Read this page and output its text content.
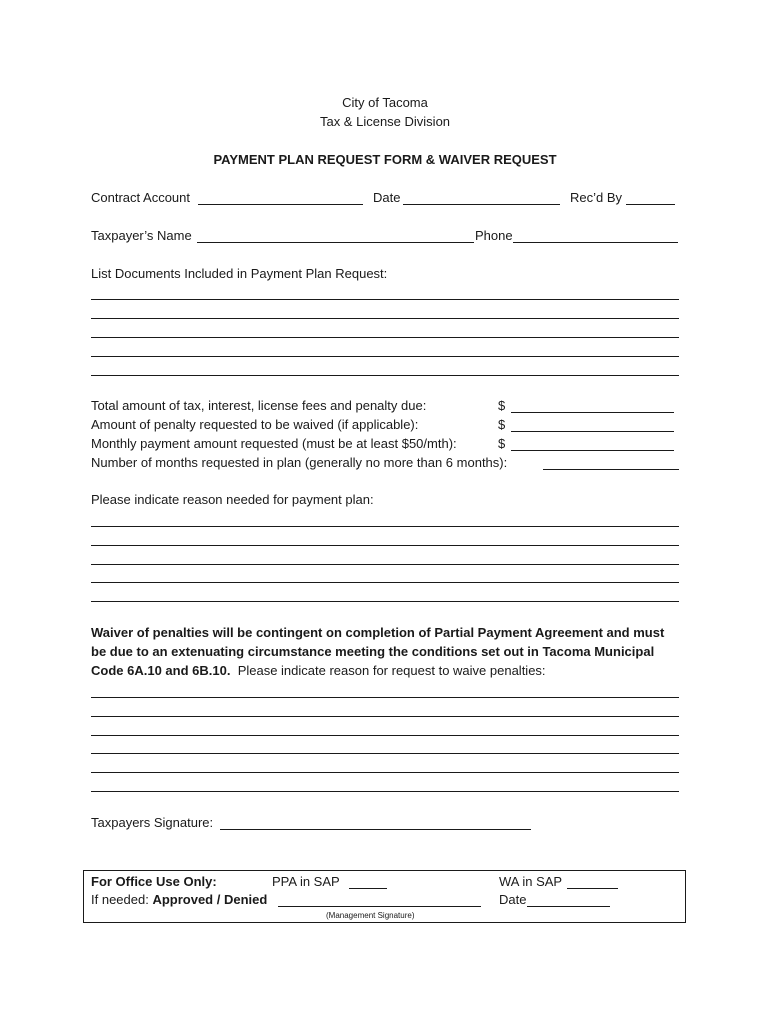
City of Tacoma
Tax & License Division
PAYMENT PLAN REQUEST FORM & WAIVER REQUEST
Contract Account	Date	Rec’d By
Taxpayer’s Name	Phone
List Documents Included in Payment Plan Request:
Total amount of tax, interest, license fees and penalty due:	$
Amount of penalty requested to be waived (if applicable):	$
Monthly payment amount requested (must be at least $50/mth):	$
Number of months requested in plan (generally no more than 6 months):
Please indicate reason needed for payment plan:
Waiver of penalties will be contingent on completion of Partial Payment Agreement and must
be due to an extenuating circumstance meeting the conditions set out in Tacoma Municipal
Code 6A.10 and 6B.10. Please indicate reason for request to waive penalties:
Taxpayers Signature:
For Office Use Only:	PPA in SAP	WA in SAP
If needed: Approved / Denied	Date
(Management Signature)
